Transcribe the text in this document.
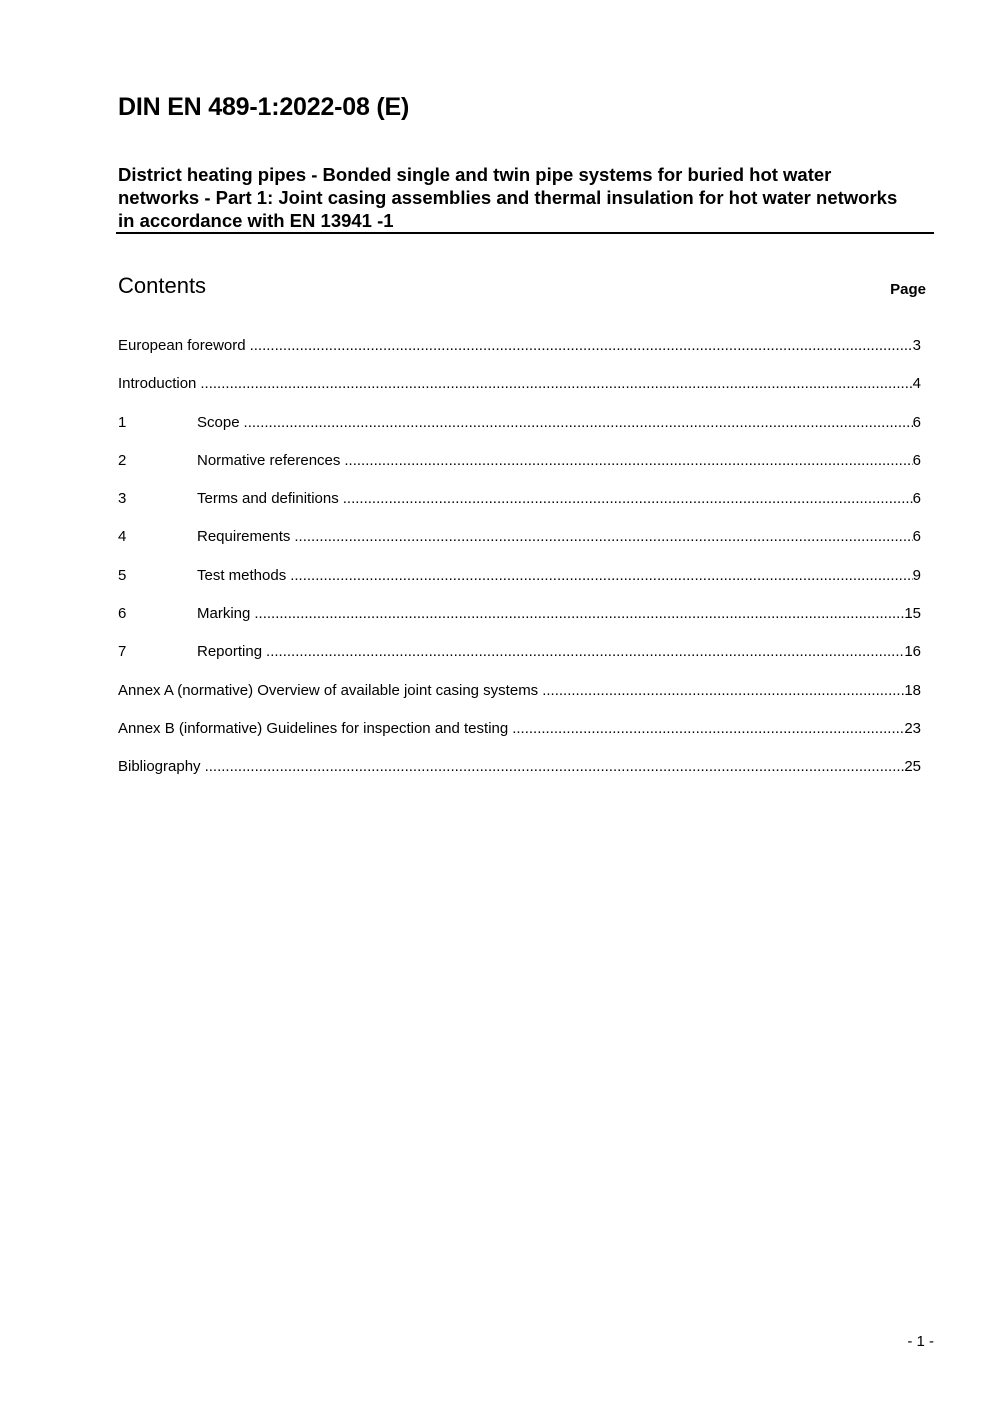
DIN EN 489-1:2022-08 (E)
District heating pipes - Bonded single and twin pipe systems for buried hot water networks - Part 1: Joint casing assemblies and thermal insulation for hot water networks in accordance with EN 13941 -1
Contents	Page
European foreword .....	3
Introduction .....	4
1	Scope .....	6
2	Normative references .....	6
3	Terms and definitions .....	6
4	Requirements .....	6
5	Test methods .....	9
6	Marking .....	15
7	Reporting .....	16
Annex A (normative) Overview of available joint casing systems .....	18
Annex B (informative) Guidelines for inspection and testing .....	23
Bibliography .....	25
- 1 -
